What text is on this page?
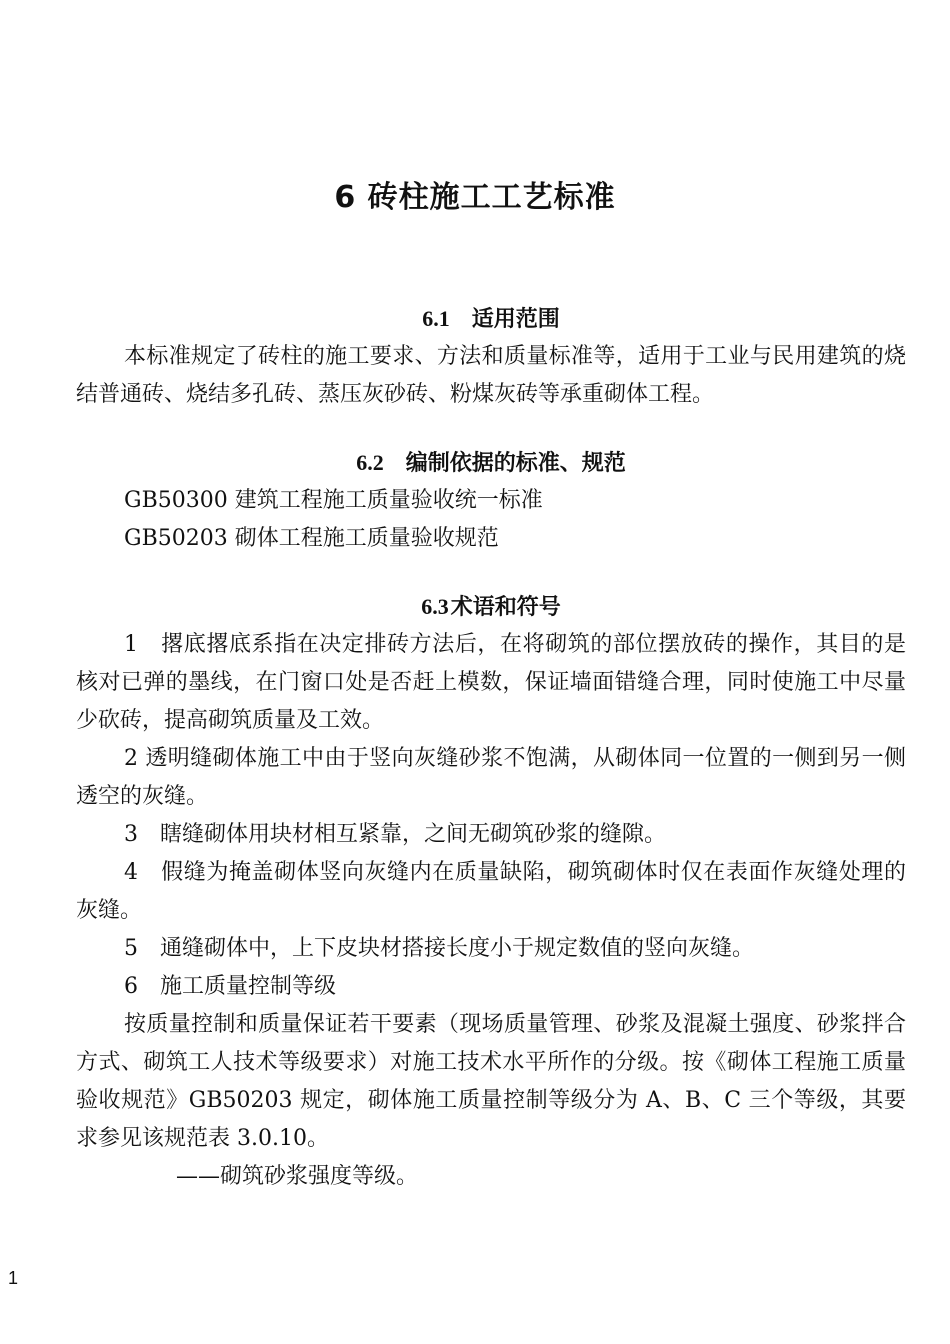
6 砖柱施工工艺标准

6.1 适用范围

本标准规定了砖柱的施工要求、方法和质量标准等，适用于工业与民用建筑的烧结普通砖、烧结多孔砖、蒸压灰砂砖、粉煤灰砖等承重砌体工程。

6.2 编制依据的标准、规范

GB50300 建筑工程施工质量验收统一标准

GB50203 砌体工程施工质量验收规范

6.3术语和符号

1　撂底撂底系指在决定排砖方法后，在将砌筑的部位摆放砖的操作，其目的是核对已弹的墨线，在门窗口处是否赶上模数，保证墙面错缝合理，同时使施工中尽量少砍砖，提高砌筑质量及工效。

2 透明缝砌体施工中由于竖向灰缝砂浆不饱满，从砌体同一位置的一侧到另一侧透空的灰缝。

3　瞎缝砌体用块材相互紧靠，之间无砌筑砂浆的缝隙。

4　假缝为掩盖砌体竖向灰缝内在质量缺陷，砌筑砌体时仅在表面作灰缝处理的灰缝。

5　通缝砌体中，上下皮块材搭接长度小于规定数值的竖向灰缝。

6　施工质量控制等级

按质量控制和质量保证若干要素（现场质量管理、砂浆及混凝土强度、砂浆拌合方式、砌筑工人技术等级要求）对施工技术水平所作的分级。按《砌体工程施工质量验收规范》GB50203 规定，砌体施工质量控制等级分为 A、B、C 三个等级，其要求参见该规范表 3.0.10。

——砌筑砂浆强度等级。

1
